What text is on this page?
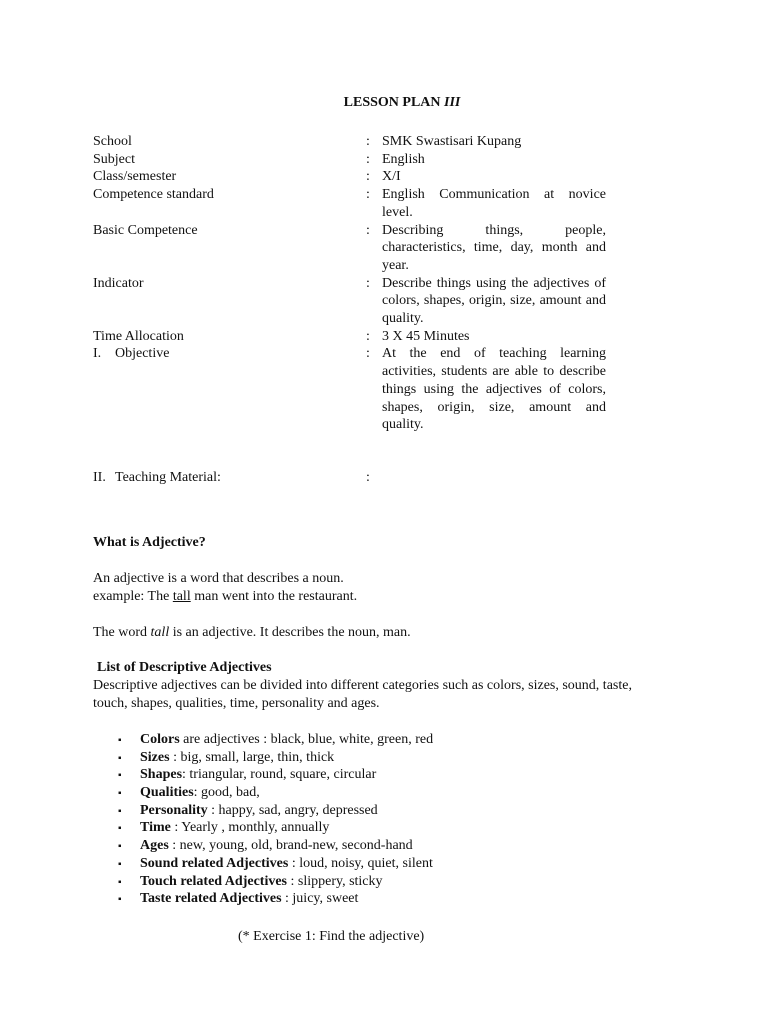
LESSON PLAN III
School	: SMK Swastisari Kupang
Subject	: English
Class/semester	: X/I
Competence standard	: English Communication at novice level.
Basic Competence	: Describing things, people, characteristics, time, day, month and year.
Indicator	: Describe things using the adjectives of colors, shapes, origin, size, amount and quality.
Time Allocation	: 3 X 45 Minutes
I. Objective	: At the end of teaching learning activities, students are able to describe things using the adjectives of colors, shapes, origin, size, amount and quality.
II. Teaching Material:	:
What is Adjective?
An adjective is a word that describes a noun.
example: The tall man went into the restaurant.
The word tall is an adjective. It describes the noun, man.
List of Descriptive Adjectives
Descriptive adjectives can be divided into different categories such as colors, sizes, sound, taste, touch, shapes, qualities, time, personality and ages.
▪	Colors are adjectives : black, blue, white, green, red
▪	Sizes : big, small, large, thin, thick
▪	Shapes: triangular, round, square, circular
▪	Qualities: good, bad,
▪	Personality : happy, sad, angry, depressed
▪	Time : Yearly , monthly, annually
▪	Ages : new, young, old, brand-new, second-hand
▪	Sound related Adjectives : loud, noisy, quiet, silent
▪	Touch related Adjectives : slippery, sticky
▪	Taste related Adjectives : juicy, sweet
(* Exercise 1: Find the adjective)
